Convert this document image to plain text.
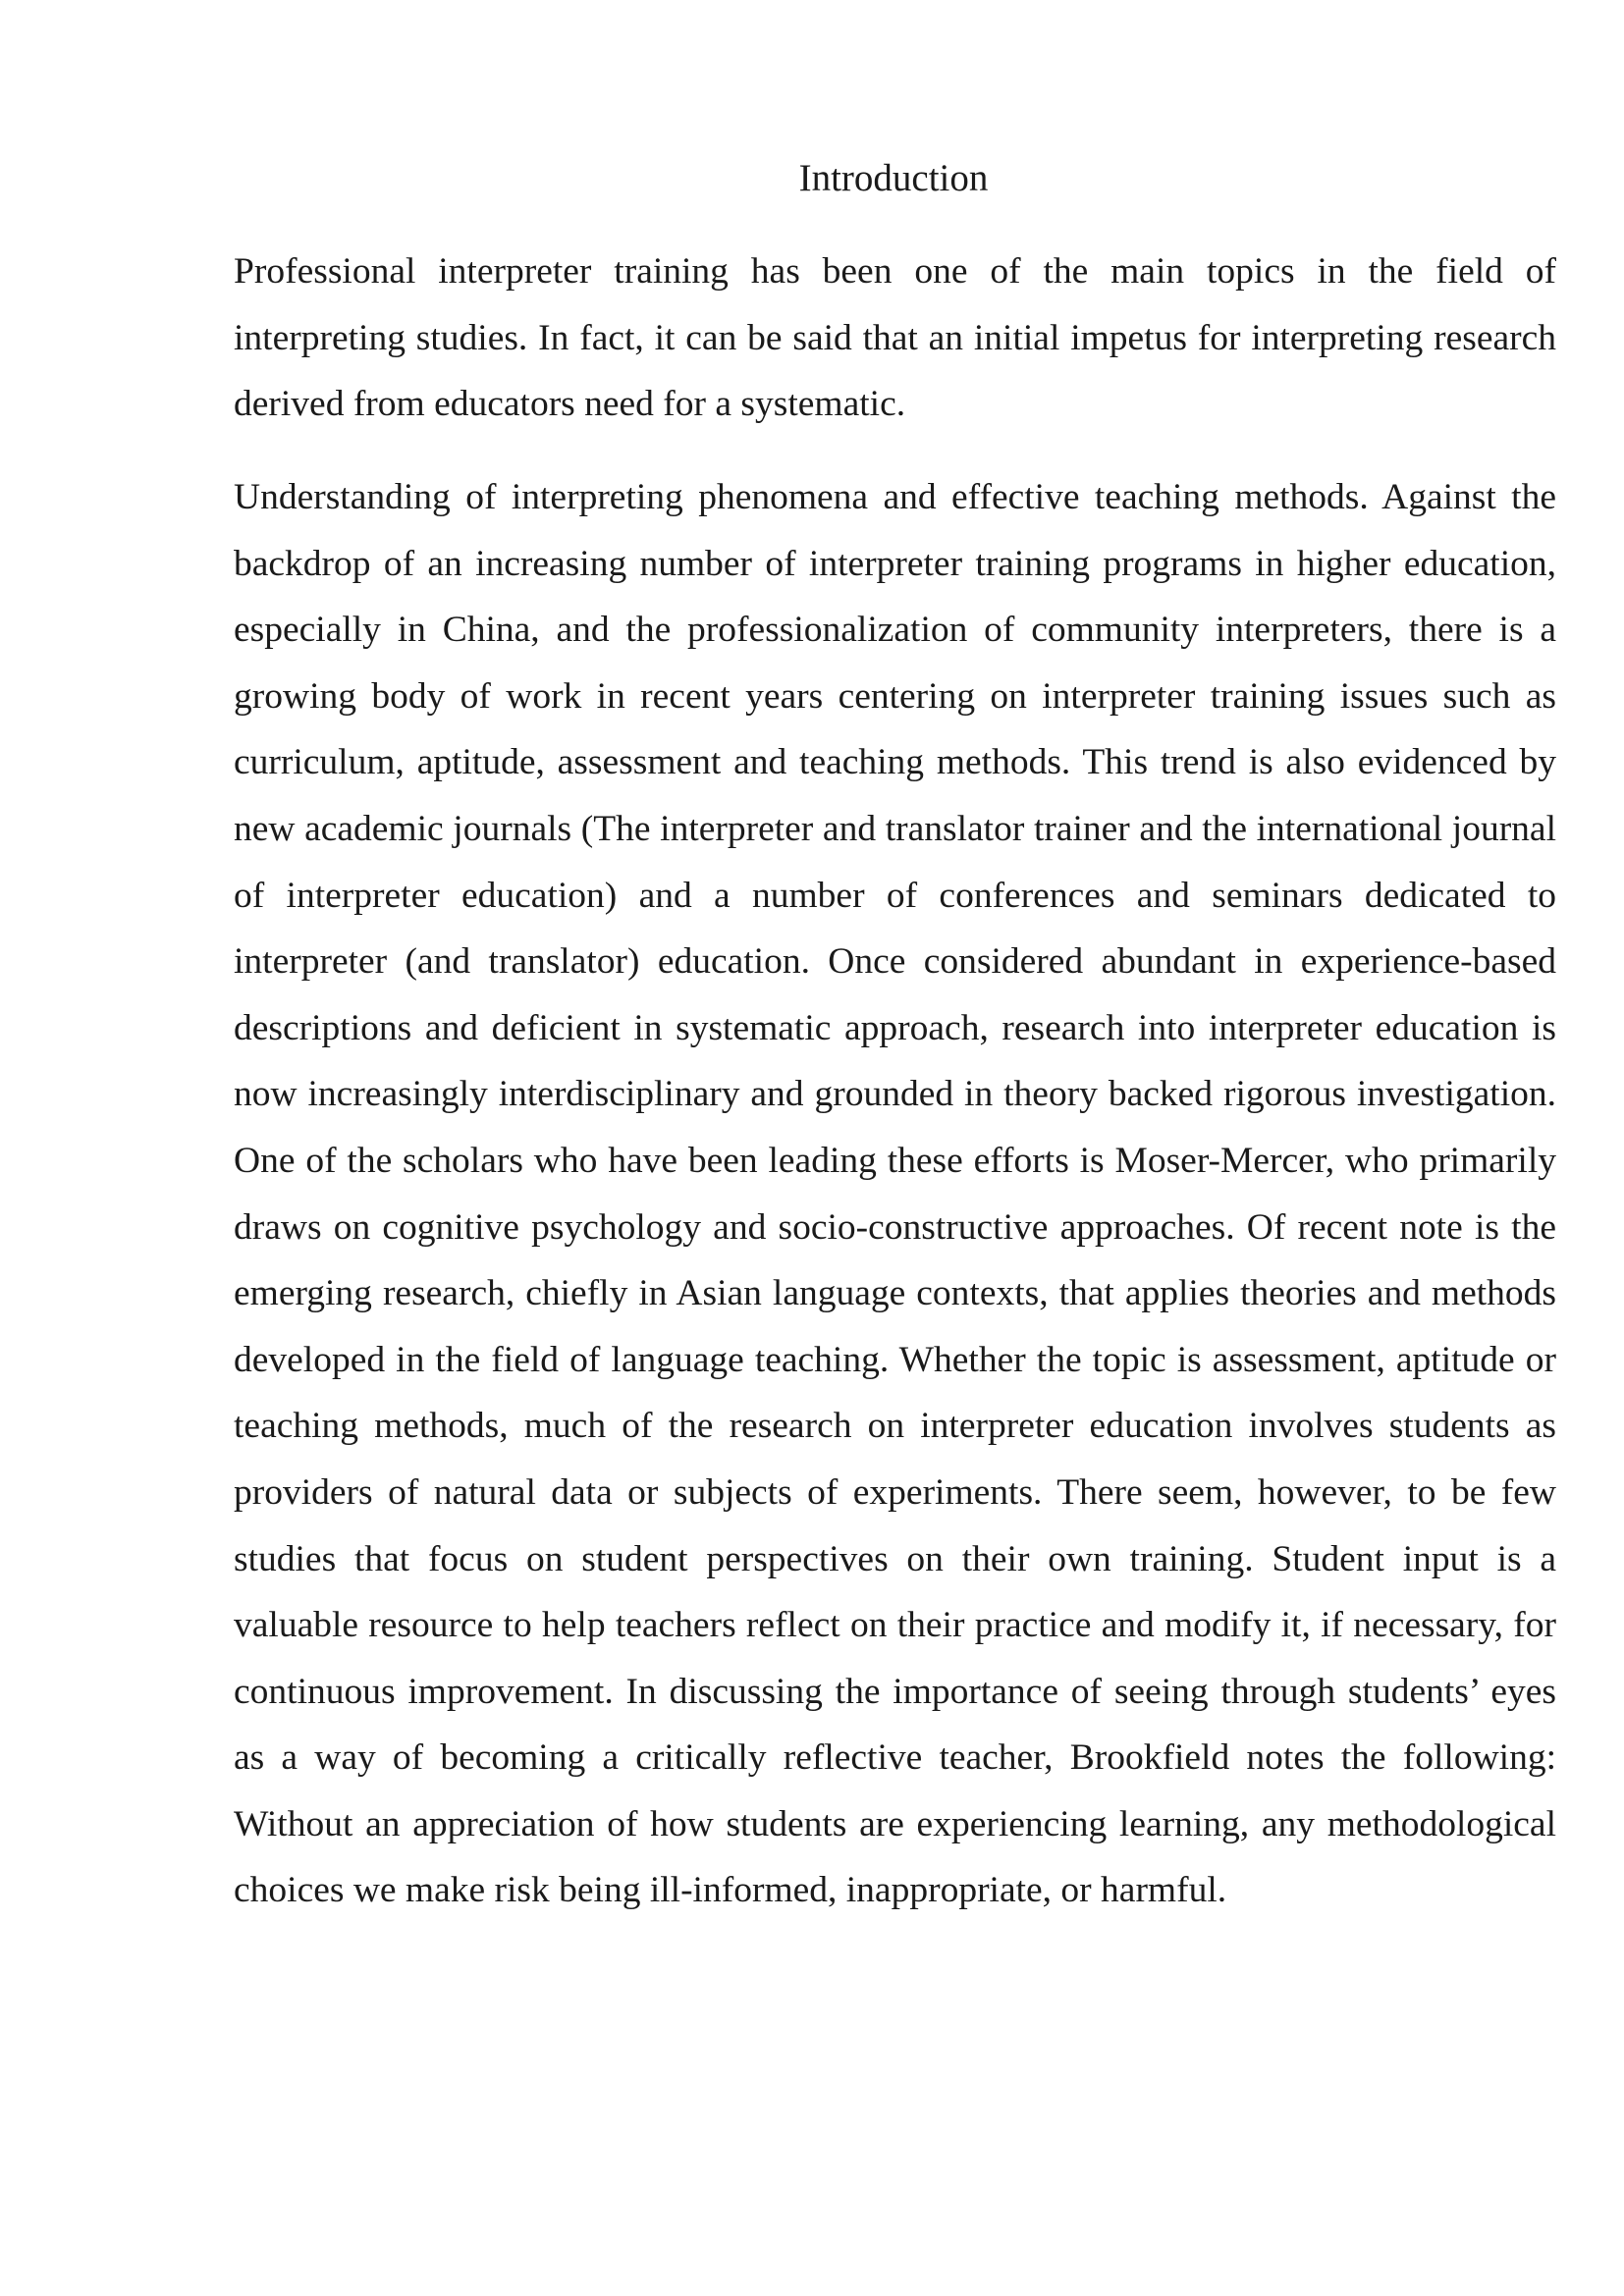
Introduction

Professional interpreter training has been one of the main topics in the field of interpreting studies. In fact, it can be said that an initial impetus for interpreting research derived from educators need for a systematic.

Understanding of interpreting phenomena and effective teaching methods. Against the backdrop of an increasing number of interpreter training programs in higher education, especially in China, and the professionalization of community interpreters, there is a growing body of work in recent years centering on interpreter training issues such as curriculum, aptitude, assessment and teaching methods. This trend is also evidenced by new academic journals (The interpreter and translator trainer and the international journal of interpreter education) and a number of conferences and seminars dedicated to interpreter (and translator) education. Once considered abundant in experience-based descriptions and deficient in systematic approach, research into interpreter education is now increasingly interdisciplinary and grounded in theory backed rigorous investigation. One of the scholars who have been leading these efforts is Moser-Mercer, who primarily draws on cognitive psychology and socio-constructive approaches. Of recent note is the emerging research, chiefly in Asian language contexts, that applies theories and methods developed in the field of language teaching. Whether the topic is assessment, aptitude or teaching methods, much of the research on interpreter education involves students as providers of natural data or subjects of experiments. There seem, however, to be few studies that focus on student perspectives on their own training. Student input is a valuable resource to help teachers reflect on their practice and modify it, if necessary, for continuous improvement. In discussing the importance of seeing through students’ eyes as a way of becoming a critically reflective teacher, Brookfield notes the following: Without an appreciation of how students are experiencing learning, any methodological choices we make risk being ill-informed, inappropriate, or harmful.
